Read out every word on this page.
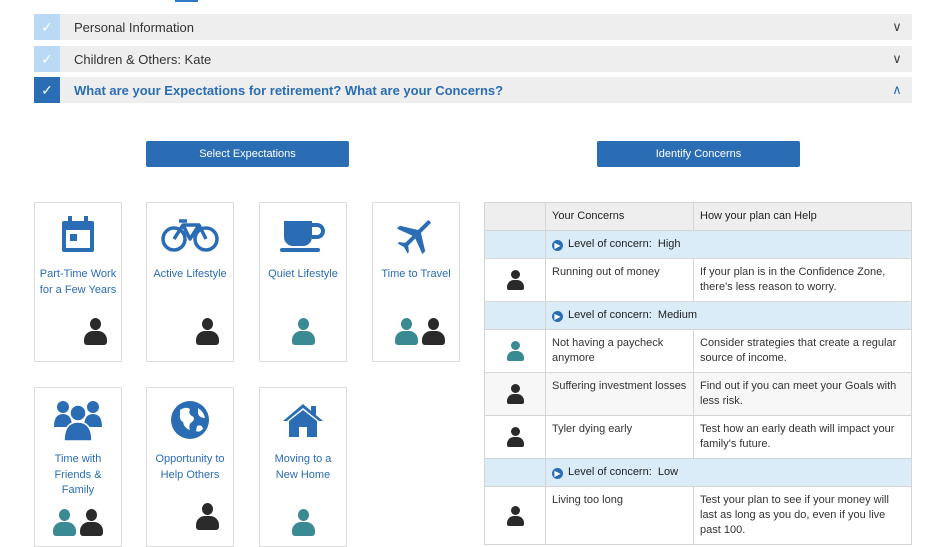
✓	Personal Information	∨
✓	Children & Others: Kate	∨
✓	What are your Expectations for retirement? What are your Concerns?	∧
Select Expectations	Identify Concerns
Part-Time Work for a Few Years
Active Lifestyle	Quiet Lifestyle	Time to Travel
Time with Friends & Family
Opportunity to Help Others
Moving to a New Home
	Your Concerns	How your plan can Help
	▶ Level of concern: High	

	Running out of money	If your plan is in the Confidence Zone, there's less reason to worry.
	▶ Level of concern: Medium	

	Not having a paycheck anymore	Consider strategies that create a regular source of income.

	Suffering investment losses	Find out if you can meet your Goals with less risk.

	Tyler dying early	Test how an early death will impact your family's future.
	▶ Level of concern: Low	

	Living too long	Test your plan to see if your money will last as long as you do, even if you live past 100.
